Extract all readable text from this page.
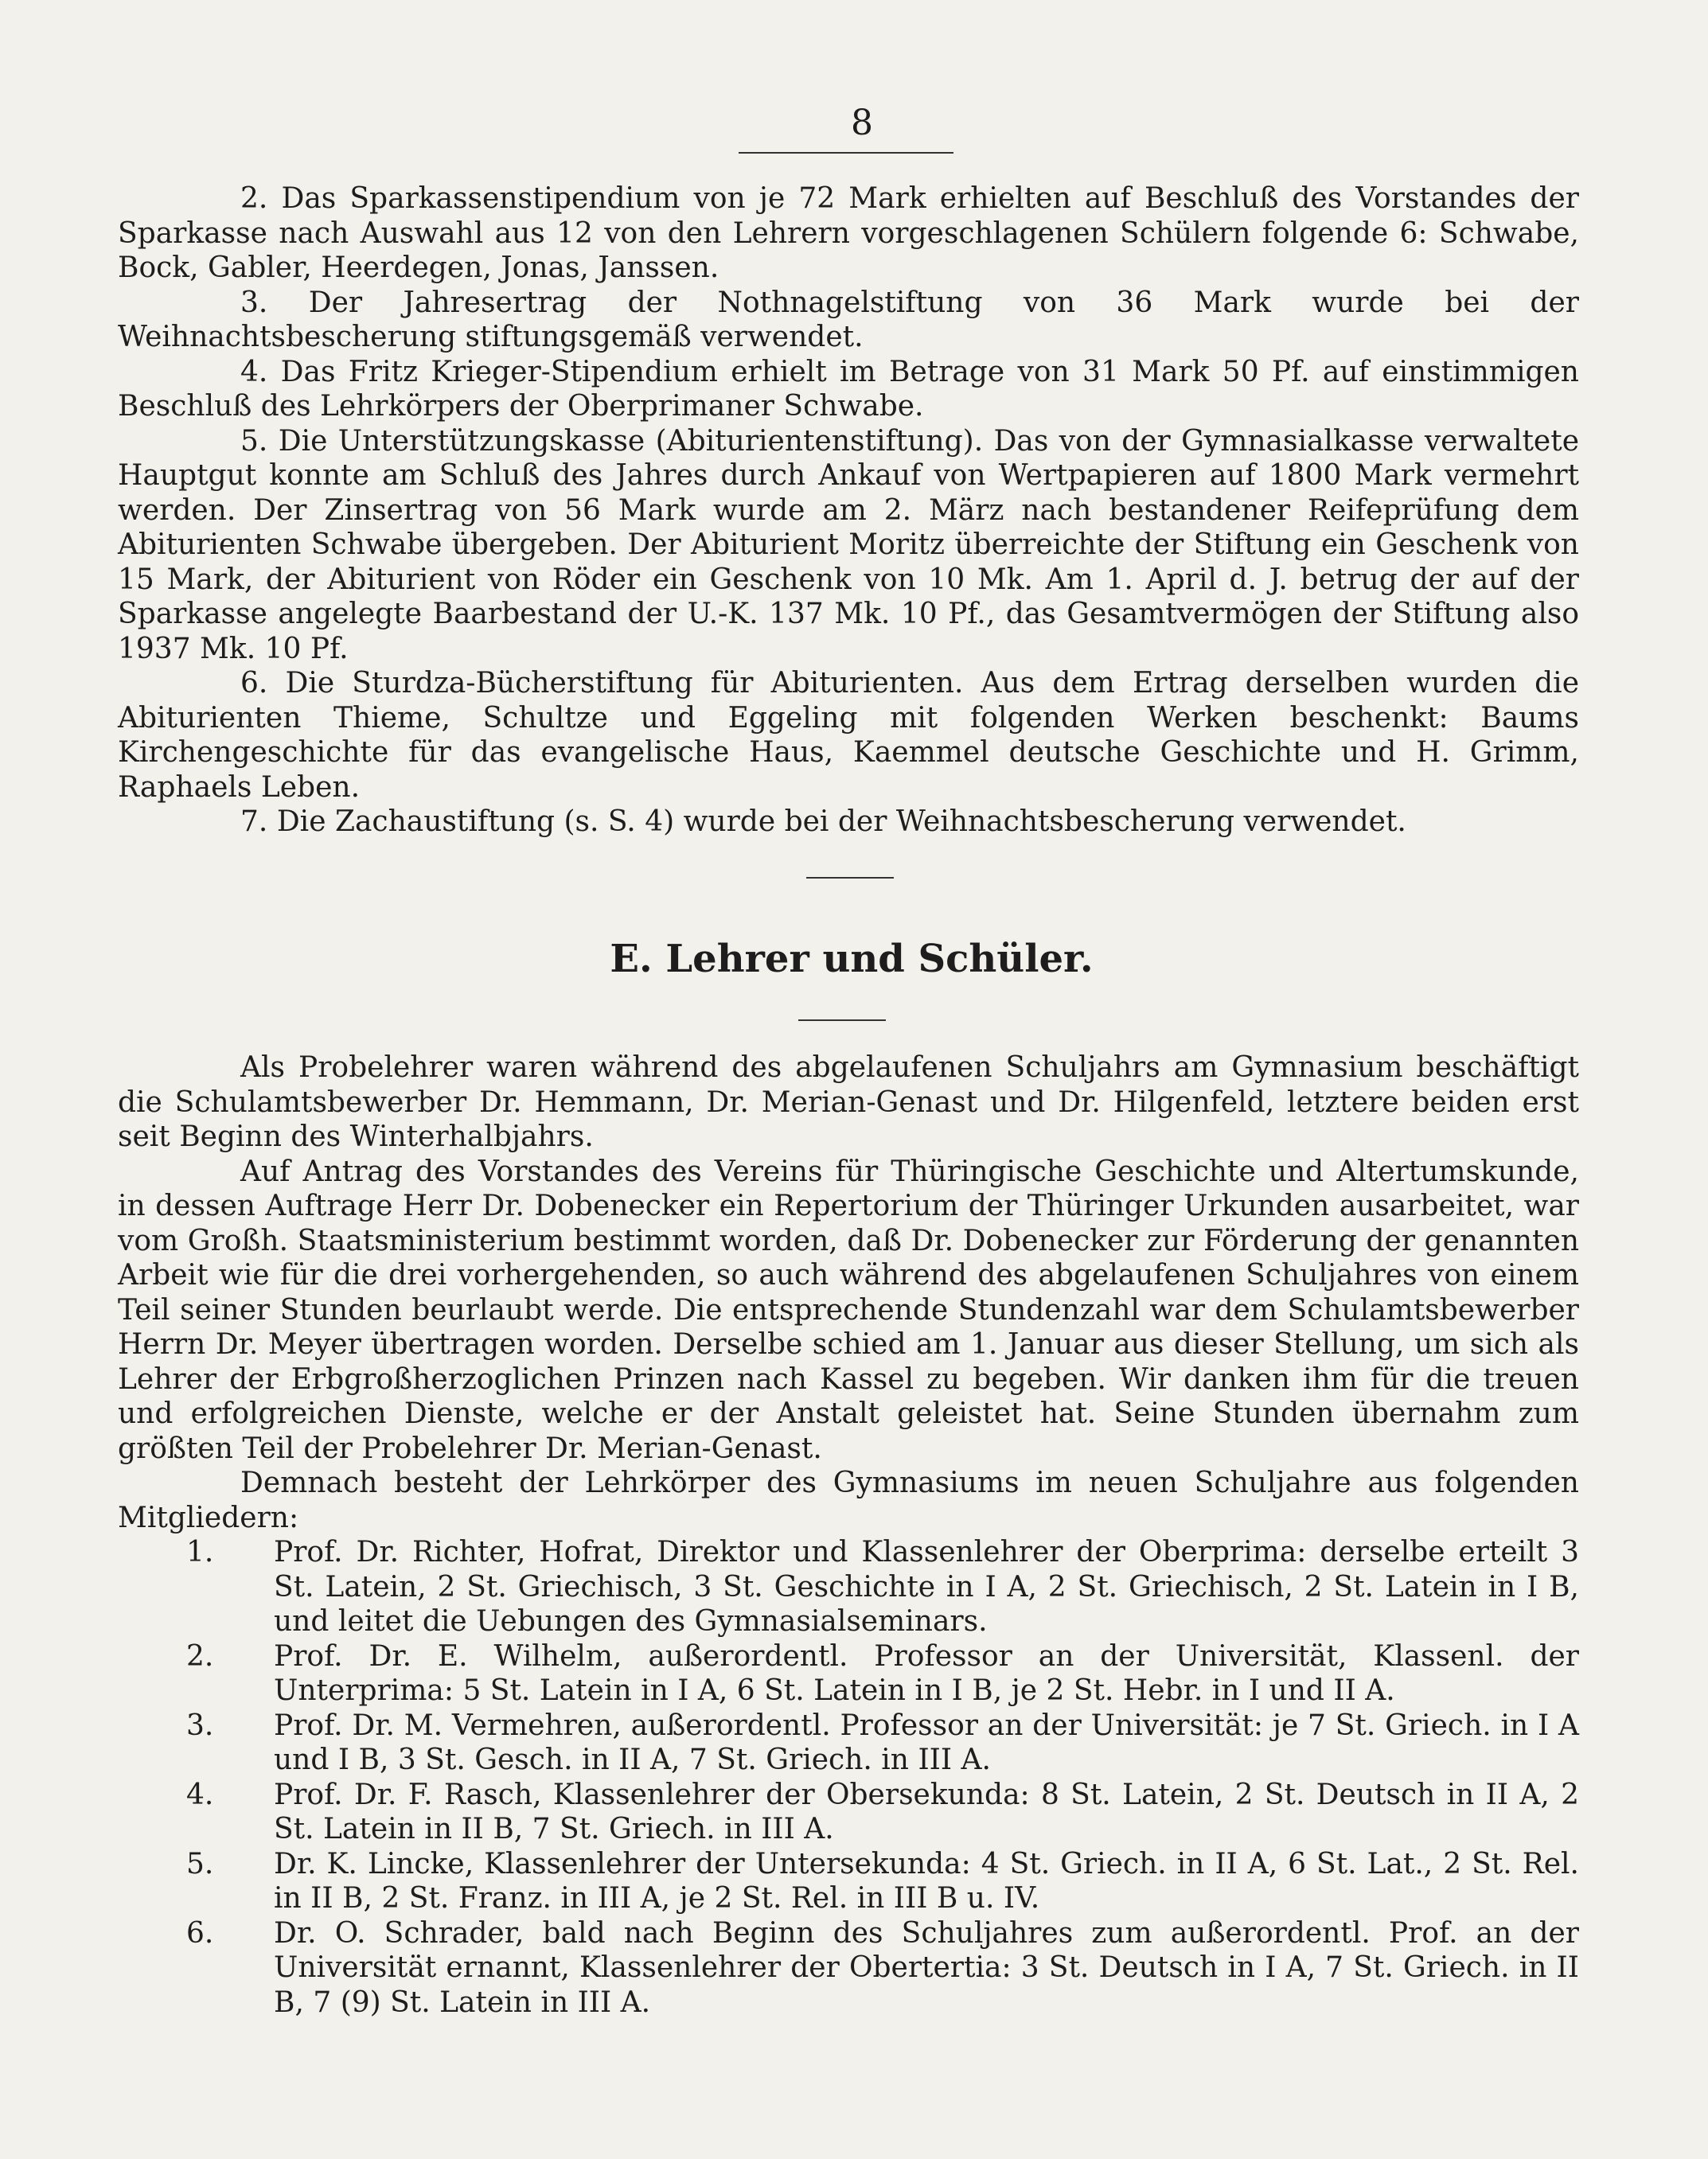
8

2. Das Sparkassenstipendium von je 72 Mark erhielten auf Beschluß des Vorstandes der Sparkasse nach Auswahl aus 12 von den Lehrern vorgeschlagenen Schülern folgende 6: Schwabe, Bock, Gabler, Heerdegen, Jonas, Janssen.

3. Der Jahresertrag der Nothnagelstiftung von 36 Mark wurde bei der Weihnachtsbescherung stiftungsgemäß verwendet.

4. Das Fritz Krieger-Stipendium erhielt im Betrage von 31 Mark 50 Pf. auf einstimmigen Beschluß des Lehrkörpers der Oberprimaner Schwabe.

5. Die Unterstützungskasse (Abiturientenstiftung). Das von der Gymnasialkasse verwaltete Hauptgut konnte am Schluß des Jahres durch Ankauf von Wertpapieren auf 1800 Mark vermehrt werden. Der Zinsertrag von 56 Mark wurde am 2. März nach bestandener Reifeprüfung dem Abiturienten Schwabe übergeben. Der Abiturient Moritz überreichte der Stiftung ein Geschenk von 15 Mark, der Abiturient von Röder ein Geschenk von 10 Mk. Am 1. April d. J. betrug der auf der Sparkasse angelegte Baarbestand der U.-K. 137 Mk. 10 Pf., das Gesamtvermögen der Stiftung also 1937 Mk. 10 Pf.

6. Die Sturdza-Bücherstiftung für Abiturienten. Aus dem Ertrag derselben wurden die Abiturienten Thieme, Schultze und Eggeling mit folgenden Werken beschenkt: Baums Kirchengeschichte für das evangelische Haus, Kaemmel deutsche Geschichte und H. Grimm, Raphaels Leben.

7. Die Zachaustiftung (s. S. 4) wurde bei der Weihnachtsbescherung verwendet.

E. Lehrer und Schüler.

Als Probelehrer waren während des abgelaufenen Schuljahrs am Gymnasium beschäftigt die Schulamtsbewerber Dr. Hemmann, Dr. Merian-Genast und Dr. Hilgenfeld, letztere beiden erst seit Beginn des Winterhalbjahrs.

Auf Antrag des Vorstandes des Vereins für Thüringische Geschichte und Altertumskunde, in dessen Auftrage Herr Dr. Dobenecker ein Repertorium der Thüringer Urkunden ausarbeitet, war vom Großh. Staatsministerium bestimmt worden, daß Dr. Dobenecker zur Förderung der genannten Arbeit wie für die drei vorhergehenden, so auch während des abgelaufenen Schuljahres von einem Teil seiner Stunden beurlaubt werde. Die entsprechende Stundenzahl war dem Schulamtsbewerber Herrn Dr. Meyer übertragen worden. Derselbe schied am 1. Januar aus dieser Stellung, um sich als Lehrer der Erbgroßherzoglichen Prinzen nach Kassel zu begeben. Wir danken ihm für die treuen und erfolgreichen Dienste, welche er der Anstalt geleistet hat. Seine Stunden übernahm zum größten Teil der Probelehrer Dr. Merian-Genast.

Demnach besteht der Lehrkörper des Gymnasiums im neuen Schuljahre aus folgenden Mitgliedern:

1.	Prof. Dr. Richter, Hofrat, Direktor und Klassenlehrer der Oberprima: derselbe erteilt 3 St. Latein, 2 St. Griechisch, 3 St. Geschichte in I A, 2 St. Griechisch, 2 St. Latein in I B, und leitet die Uebungen des Gymnasialseminars.
2.	Prof. Dr. E. Wilhelm, außerordentl. Professor an der Universität, Klassenl. der Unterprima: 5 St. Latein in I A, 6 St. Latein in I B, je 2 St. Hebr. in I und II A.
3.	Prof. Dr. M. Vermehren, außerordentl. Professor an der Universität: je 7 St. Griech. in I A und I B, 3 St. Gesch. in II A, 7 St. Griech. in III A.
4.	Prof. Dr. F. Rasch, Klassenlehrer der Obersekunda: 8 St. Latein, 2 St. Deutsch in II A, 2 St. Latein in II B, 7 St. Griech. in III A.
5.	Dr. K. Lincke, Klassenlehrer der Untersekunda: 4 St. Griech. in II A, 6 St. Lat., 2 St. Rel. in II B, 2 St. Franz. in III A, je 2 St. Rel. in III B u. IV.
6.	Dr. O. Schrader, bald nach Beginn des Schuljahres zum außerordentl. Prof. an der Universität ernannt, Klassenlehrer der Obertertia: 3 St. Deutsch in I A, 7 St. Griech. in II B, 7 (9) St. Latein in III A.
